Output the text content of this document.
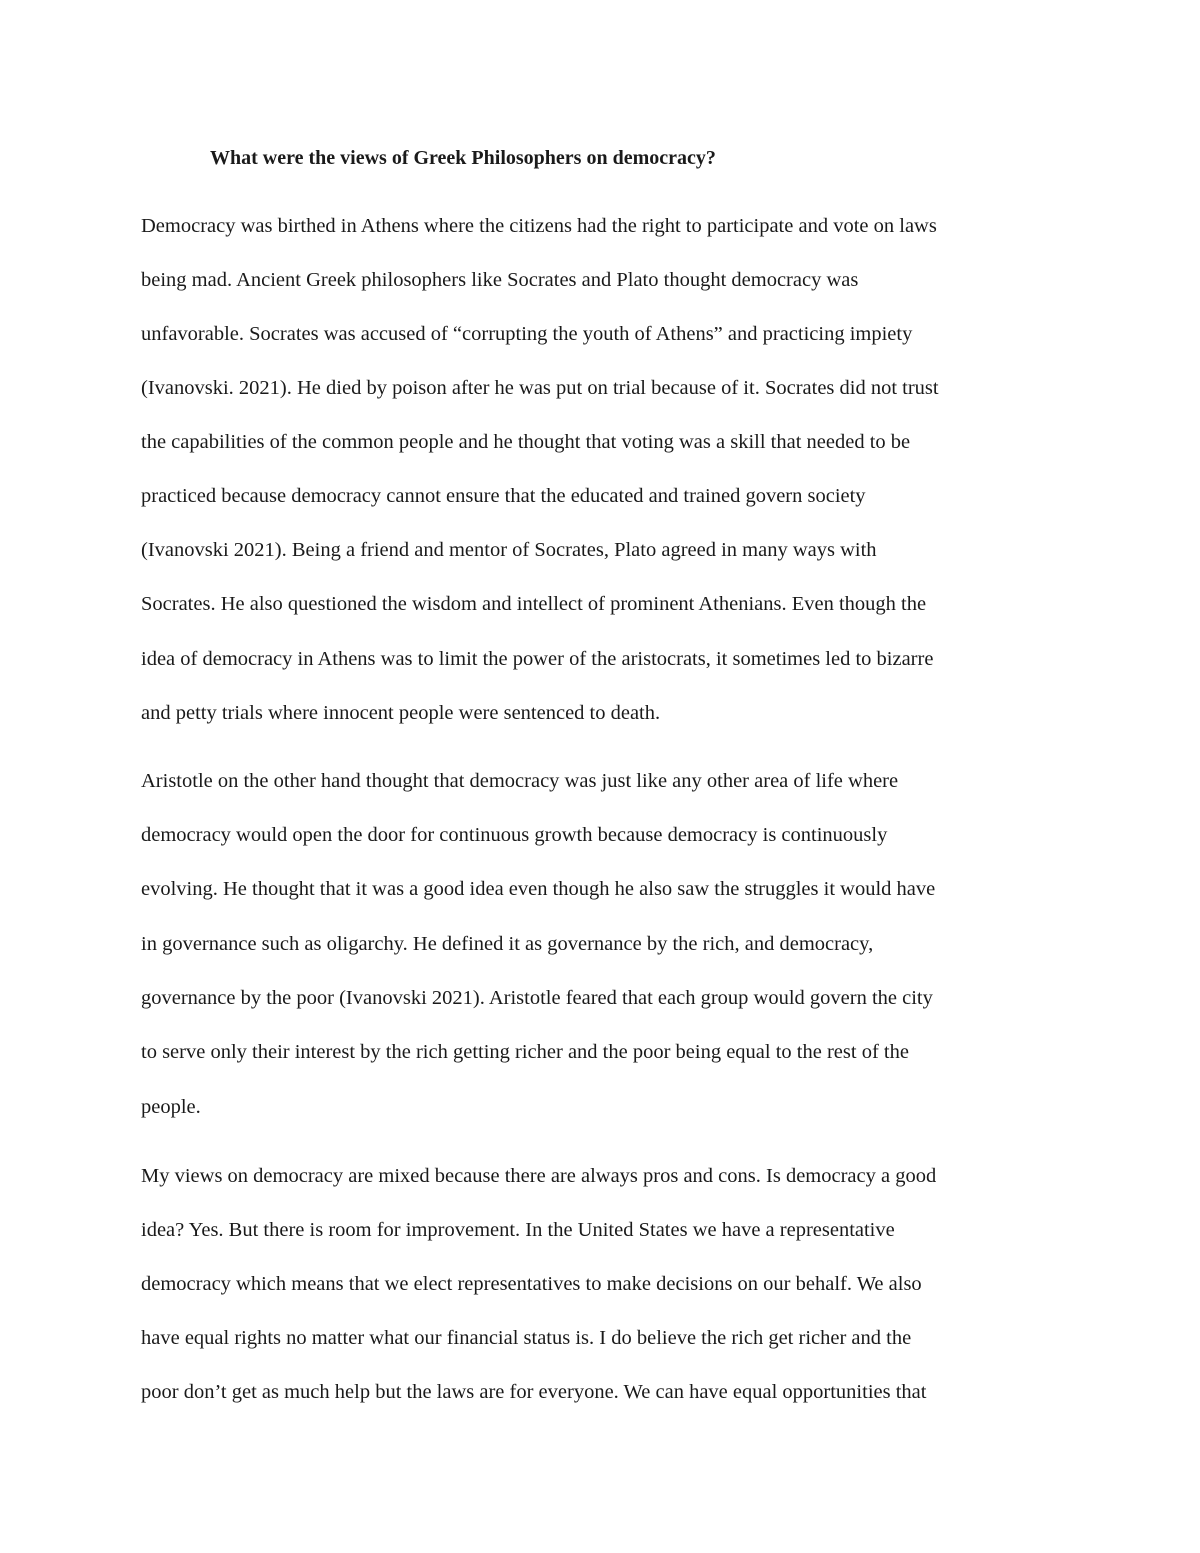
What were the views of Greek Philosophers on democracy?

Democracy was birthed in Athens where the citizens had the right to participate and vote on laws

being mad. Ancient Greek philosophers like Socrates and Plato thought democracy was

unfavorable. Socrates was accused of “corrupting the youth of Athens” and practicing impiety

(Ivanovski. 2021). He died by poison after he was put on trial because of it. Socrates did not trust

the capabilities of the common people and he thought that voting was a skill that needed to be

practiced because democracy cannot ensure that the educated and trained govern society

(Ivanovski 2021). Being a friend and mentor of Socrates, Plato agreed in many ways with

Socrates. He also questioned the wisdom and intellect of prominent Athenians. Even though the

idea of democracy in Athens was to limit the power of the aristocrats, it sometimes led to bizarre

and petty trials where innocent people were sentenced to death.

Aristotle on the other hand thought that democracy was just like any other area of life where

democracy would open the door for continuous growth because democracy is continuously

evolving. He thought that it was a good idea even though he also saw the struggles it would have

in governance such as oligarchy. He defined it as governance by the rich, and democracy,

governance by the poor (Ivanovski 2021). Aristotle feared that each group would govern the city

to serve only their interest by the rich getting richer and the poor being equal to the rest of the

people.

My views on democracy are mixed because there are always pros and cons. Is democracy a good

idea? Yes. But there is room for improvement. In the United States we have a representative

democracy which means that we elect representatives to make decisions on our behalf. We also

have equal rights no matter what our financial status is. I do believe the rich get richer and the

poor don’t get as much help but the laws are for everyone. We can have equal opportunities that
